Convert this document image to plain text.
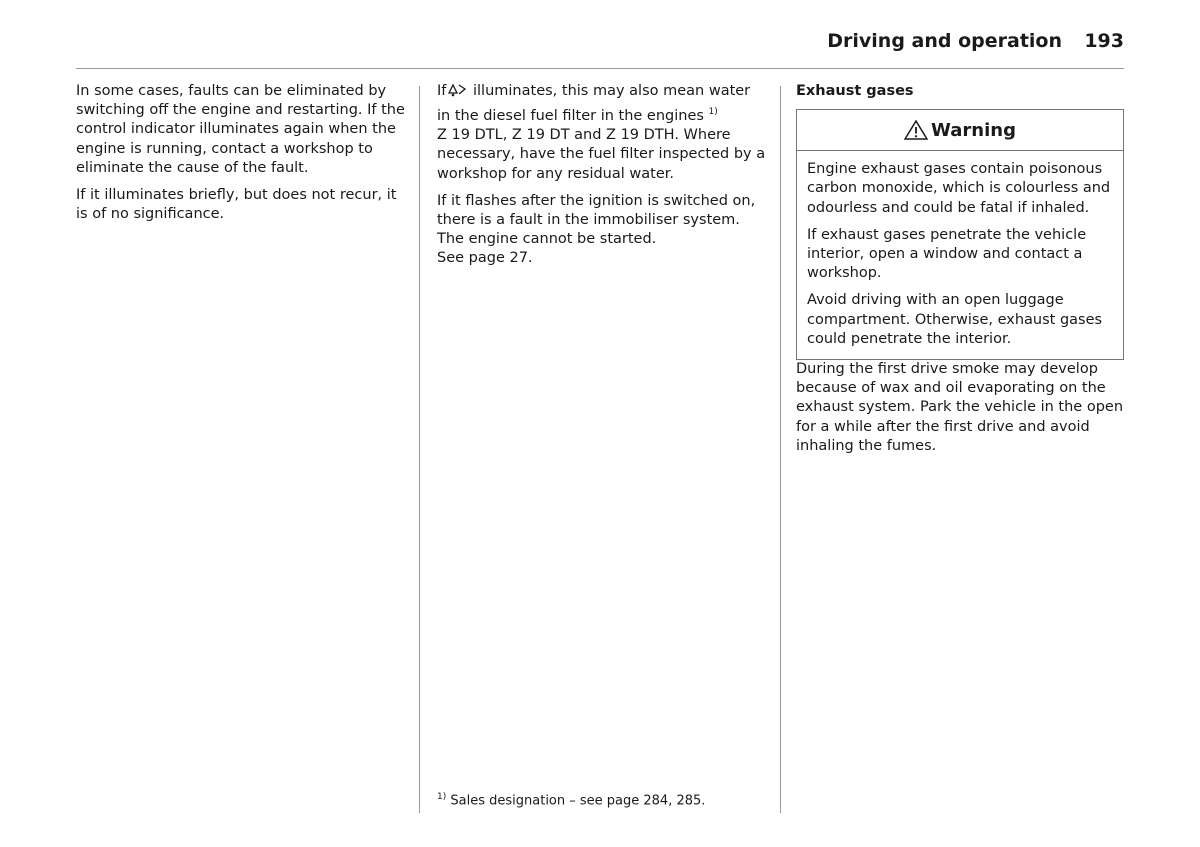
Driving and operation 193

In some cases, faults can be eliminated by switching off the engine and restarting. If the control indicator illuminates again when the engine is running, contact a workshop to eliminate the cause of the fault.

If it illuminates briefly, but does not recur, it is of no significance.

If illuminates, this may also mean water in the diesel fuel filter in the engines $^{1)}$
Z 19 DTL, Z 19 DT and Z 19 DTH. Where necessary, have the fuel filter inspected by a workshop for any residual water.

If it flashes after the ignition is switched on, there is a fault in the immobiliser system. The engine cannot be started.
See page 27.

Exhaust gases

Warning

Engine exhaust gases contain poisonous carbon monoxide, which is colourless and odourless and could be fatal if inhaled.

If exhaust gases penetrate the vehicle interior, open a window and contact a workshop.

Avoid driving with an open luggage compartment. Otherwise, exhaust gases could penetrate the interior.

During the first drive smoke may develop because of wax and oil evaporating on the exhaust system. Park the vehicle in the open for a while after the first drive and avoid inhaling the fumes.

$^{1)}$ Sales designation – see page 284, 285.
